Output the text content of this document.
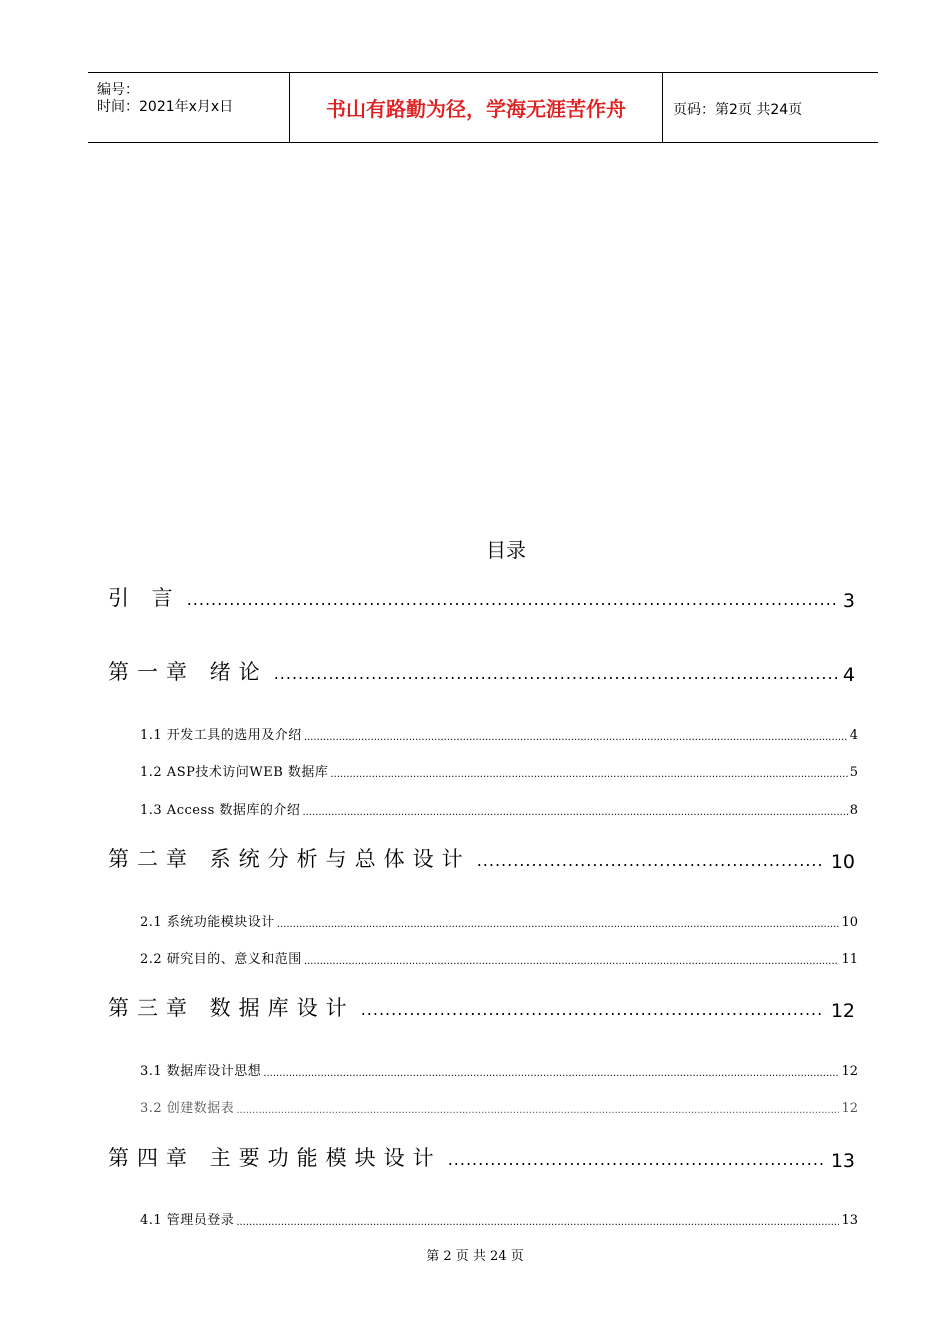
编号：
时间：2021年x月x日	书山有路勤为径，学海无涯苦作舟	页码：第2页 共24页
目录
引 言 .....	3
第一章 绪论 .....	4
1.1 开发工具的选用及介绍 .....	4
1.2 ASP技术访问WEB 数据库 .....	5
1.3 Access 数据库的介绍 .....	8
第二章 系统分析与总体设计 .....	10
2.1 系统功能模块设计 .....	10
2.2 研究目的、意义和范围 .....	11
第三章 数据库设计 .....	12
3.1 数据库设计思想 .....	12
3.2 创建数据表 .....	12
第四章 主要功能模块设计 .....	13
4.1 管理员登录 .....	13
第 2 页 共 24 页
